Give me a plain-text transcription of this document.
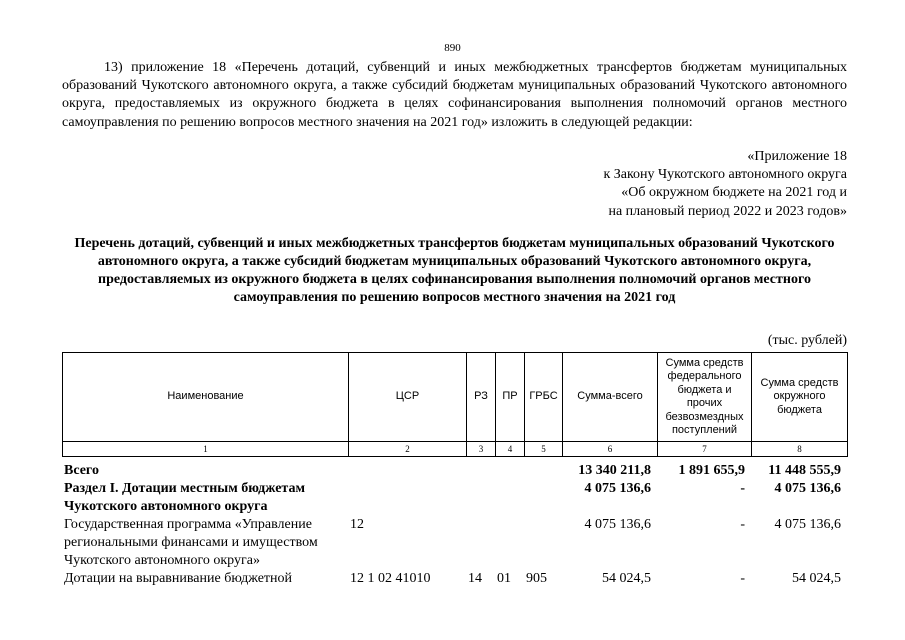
890
13) приложение 18 «Перечень дотаций, субвенций и иных межбюджетных трансфертов бюджетам муниципальных образований Чукотского автономного округа, а также субсидий бюджетам муниципальных образований Чукотского автономного округа, предоставляемых из окружного бюджета в целях софинансирования выполнения полномочий органов местного самоуправления по решению вопросов местного значения на 2021 год» изложить в следующей редакции:
«Приложение 18
к Закону Чукотского автономного округа
«Об окружном бюджете на 2021 год и
на плановый период 2022 и 2023 годов»
Перечень дотаций, субвенций и иных межбюджетных трансфертов бюджетам муниципальных образований Чукотского автономного округа, а также субсидий бюджетам муниципальных образований Чукотского автономного округа, предоставляемых из окружного бюджета в целях софинансирования выполнения полномочий органов местного самоуправления по решению вопросов местного значения на 2021 год
(тыс. рублей)
Наименование	ЦСР	РЗ	ПР	ГРБС	Сумма-всего	Сумма средств федерального бюджета и прочих безвозмездных поступлений	Сумма средств окружного бюджета
1	2	3	4	5	6	7	8
Всего					13 340 211,8	1 891 655,9	11 448 555,9
Раздел I. Дотации местным бюджетам Чукотского автономного округа					4 075 136,6	-	4 075 136,6
Государственная программа «Управление региональными финансами и имуществом Чукотского автономного округа»	12				4 075 136,6	-	4 075 136,6
Дотации на выравнивание бюджетной	12 1 02 41010	14	01	905	54 024,5	-	54 024,5
